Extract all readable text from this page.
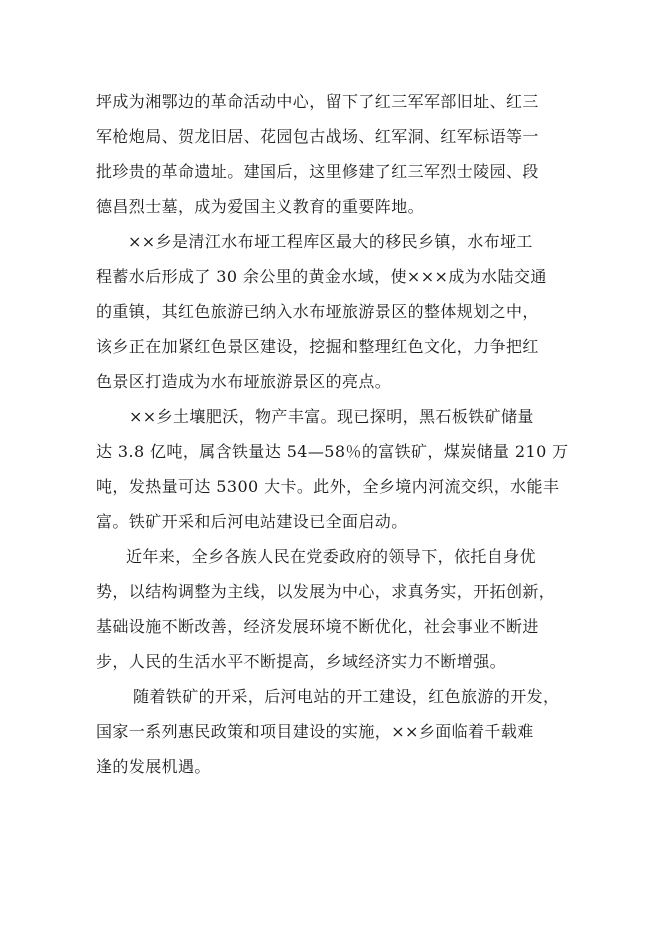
坪成为湘鄂边的革命活动中心，留下了红三军军部旧址、红三
军枪炮局、贺龙旧居、花园包古战场、红军洞、红军标语等一
批珍贵的革命遗址。建国后，这里修建了红三军烈士陵园、段
德昌烈士墓，成为爱国主义教育的重要阵地。
××乡是清江水布垭工程库区最大的移民乡镇，水布垭工
程蓄水后形成了 30 余公里的黄金水域，使×××成为水陆交通
的重镇，其红色旅游已纳入水布垭旅游景区的整体规划之中，
该乡正在加紧红色景区建设，挖掘和整理红色文化，力争把红
色景区打造成为水布垭旅游景区的亮点。
××乡土壤肥沃，物产丰富。现已探明，黑石板铁矿储量
达 3.8 亿吨，属含铁量达 54—58％的富铁矿，煤炭储量 210 万
吨，发热量可达 5300 大卡。此外，全乡境内河流交织，水能丰
富。铁矿开采和后河电站建设已全面启动。
近年来，全乡各族人民在党委政府的领导下，依托自身优
势，以结构调整为主线，以发展为中心，求真务实，开拓创新，
基础设施不断改善，经济发展环境不断优化，社会事业不断进
步，人民的生活水平不断提高，乡域经济实力不断增强。
随着铁矿的开采，后河电站的开工建设，红色旅游的开发，
国家一系列惠民政策和项目建设的实施，××乡面临着千载难
逢的发展机遇。
